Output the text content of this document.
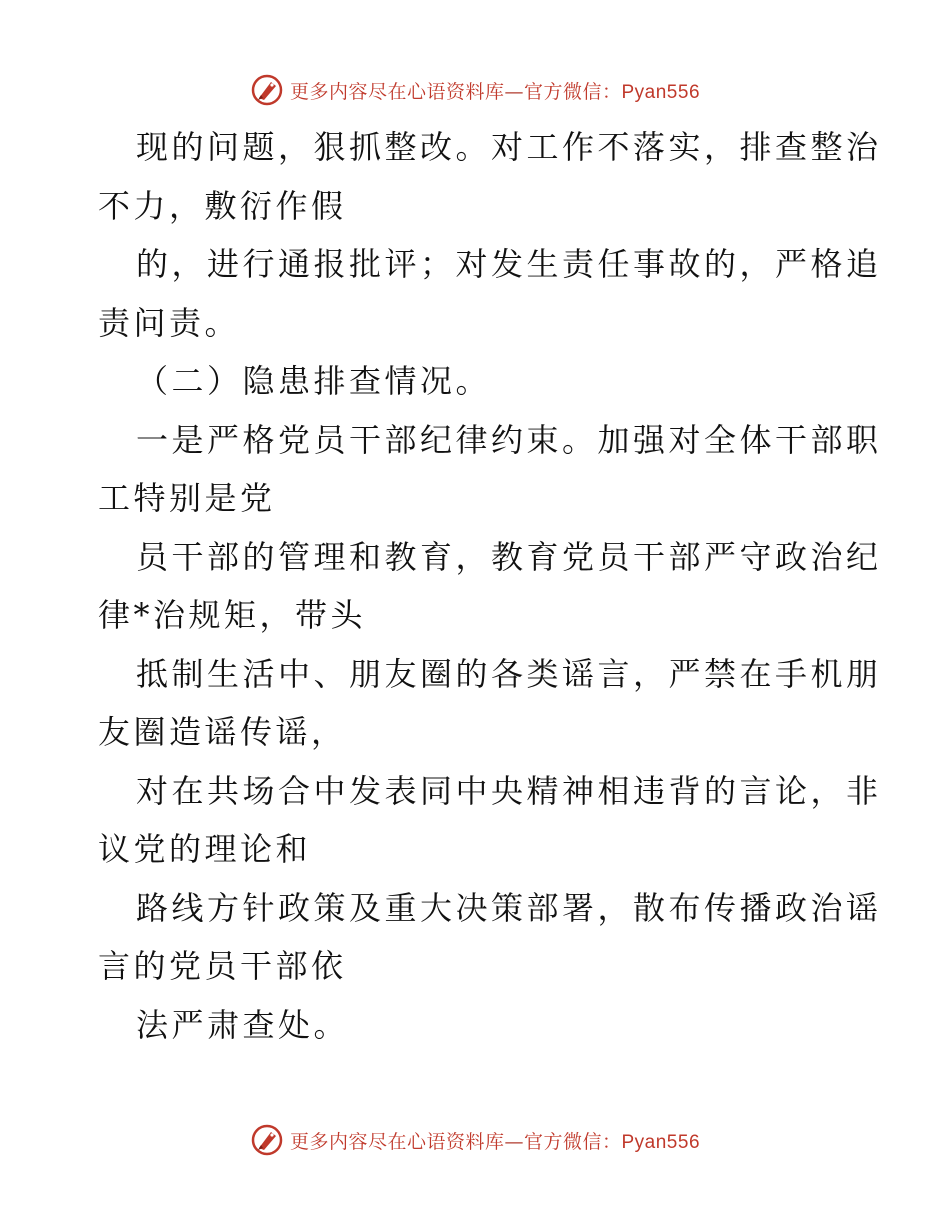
更多内容尽在心语资料库—官方微信：Pyan556
现的问题，狠抓整改。对工作不落实，排查整治
不力，敷衍作假
的，进行通报批评；对发生责任事故的，严格追
责问责。
（二）隐患排查情况。
一是严格党员干部纪律约束。加强对全体干部职
工特别是党
员干部的管理和教育，教育党员干部严守政治纪
律*治规矩，带头
抵制生活中、朋友圈的各类谣言，严禁在手机朋
友圈造谣传谣，
对在共场合中发表同中央精神相违背的言论，非
议党的理论和
路线方针政策及重大决策部署，散布传播政治谣
言的党员干部依
法严肃查处。
更多内容尽在心语资料库—官方微信：Pyan556
